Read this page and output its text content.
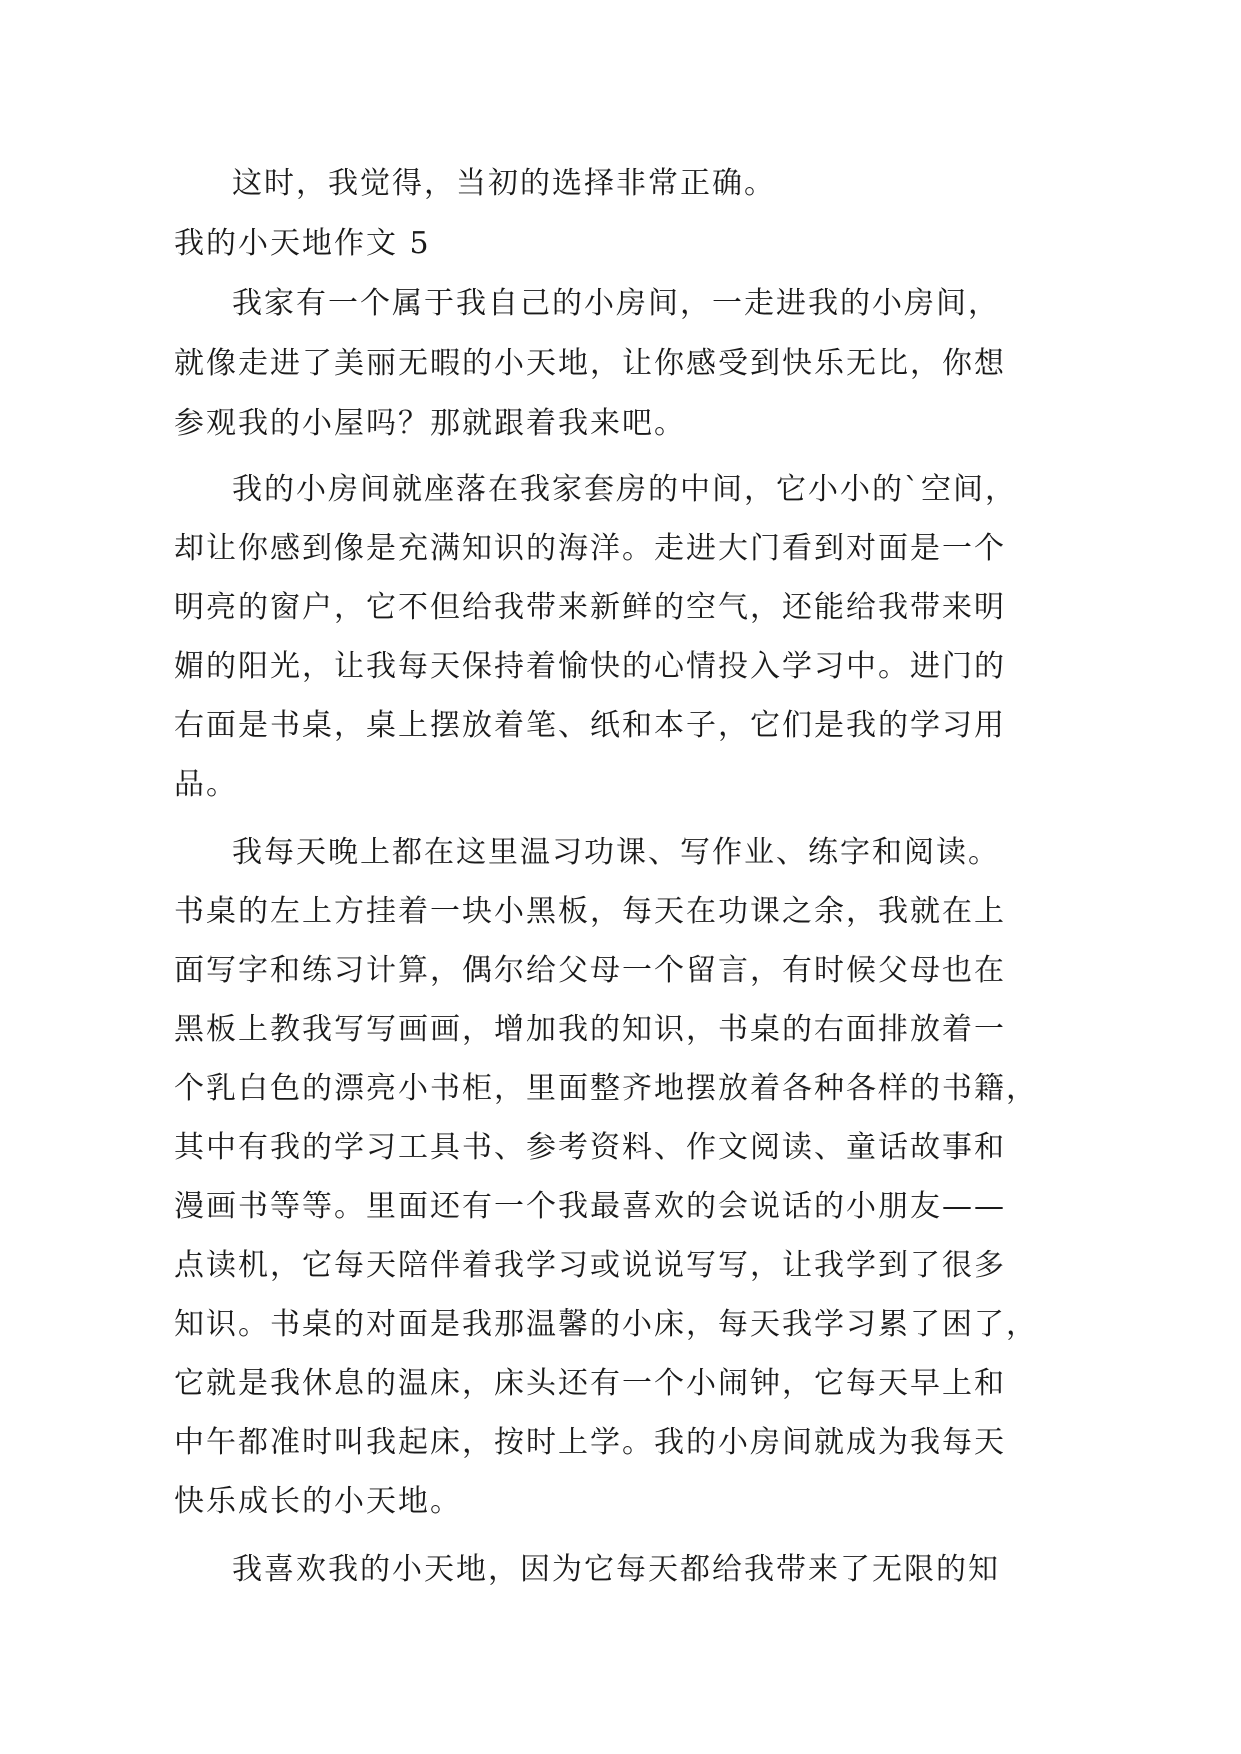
这时，我觉得，当初的选择非常正确。
我的小天地作文 5
我家有一个属于我自己的小房间，一走进我的小房间，
就像走进了美丽无暇的小天地，让你感受到快乐无比，你想
参观我的小屋吗？那就跟着我来吧。
我的小房间就座落在我家套房的中间，它小小的`空间，
却让你感到像是充满知识的海洋。走进大门看到对面是一个
明亮的窗户，它不但给我带来新鲜的空气，还能给我带来明
媚的阳光，让我每天保持着愉快的心情投入学习中。进门的
右面是书桌，桌上摆放着笔、纸和本子，它们是我的学习用
品。
我每天晚上都在这里温习功课、写作业、练字和阅读。
书桌的左上方挂着一块小黑板，每天在功课之余，我就在上
面写字和练习计算，偶尔给父母一个留言，有时候父母也在
黑板上教我写写画画，增加我的知识，书桌的右面排放着一
个乳白色的漂亮小书柜，里面整齐地摆放着各种各样的书籍，
其中有我的学习工具书、参考资料、作文阅读、童话故事和
漫画书等等。里面还有一个我最喜欢的会说话的小朋友——
点读机，它每天陪伴着我学习或说说写写，让我学到了很多
知识。书桌的对面是我那温馨的小床，每天我学习累了困了，
它就是我休息的温床，床头还有一个小闹钟，它每天早上和
中午都准时叫我起床，按时上学。我的小房间就成为我每天
快乐成长的小天地。
我喜欢我的小天地，因为它每天都给我带来了无限的知
